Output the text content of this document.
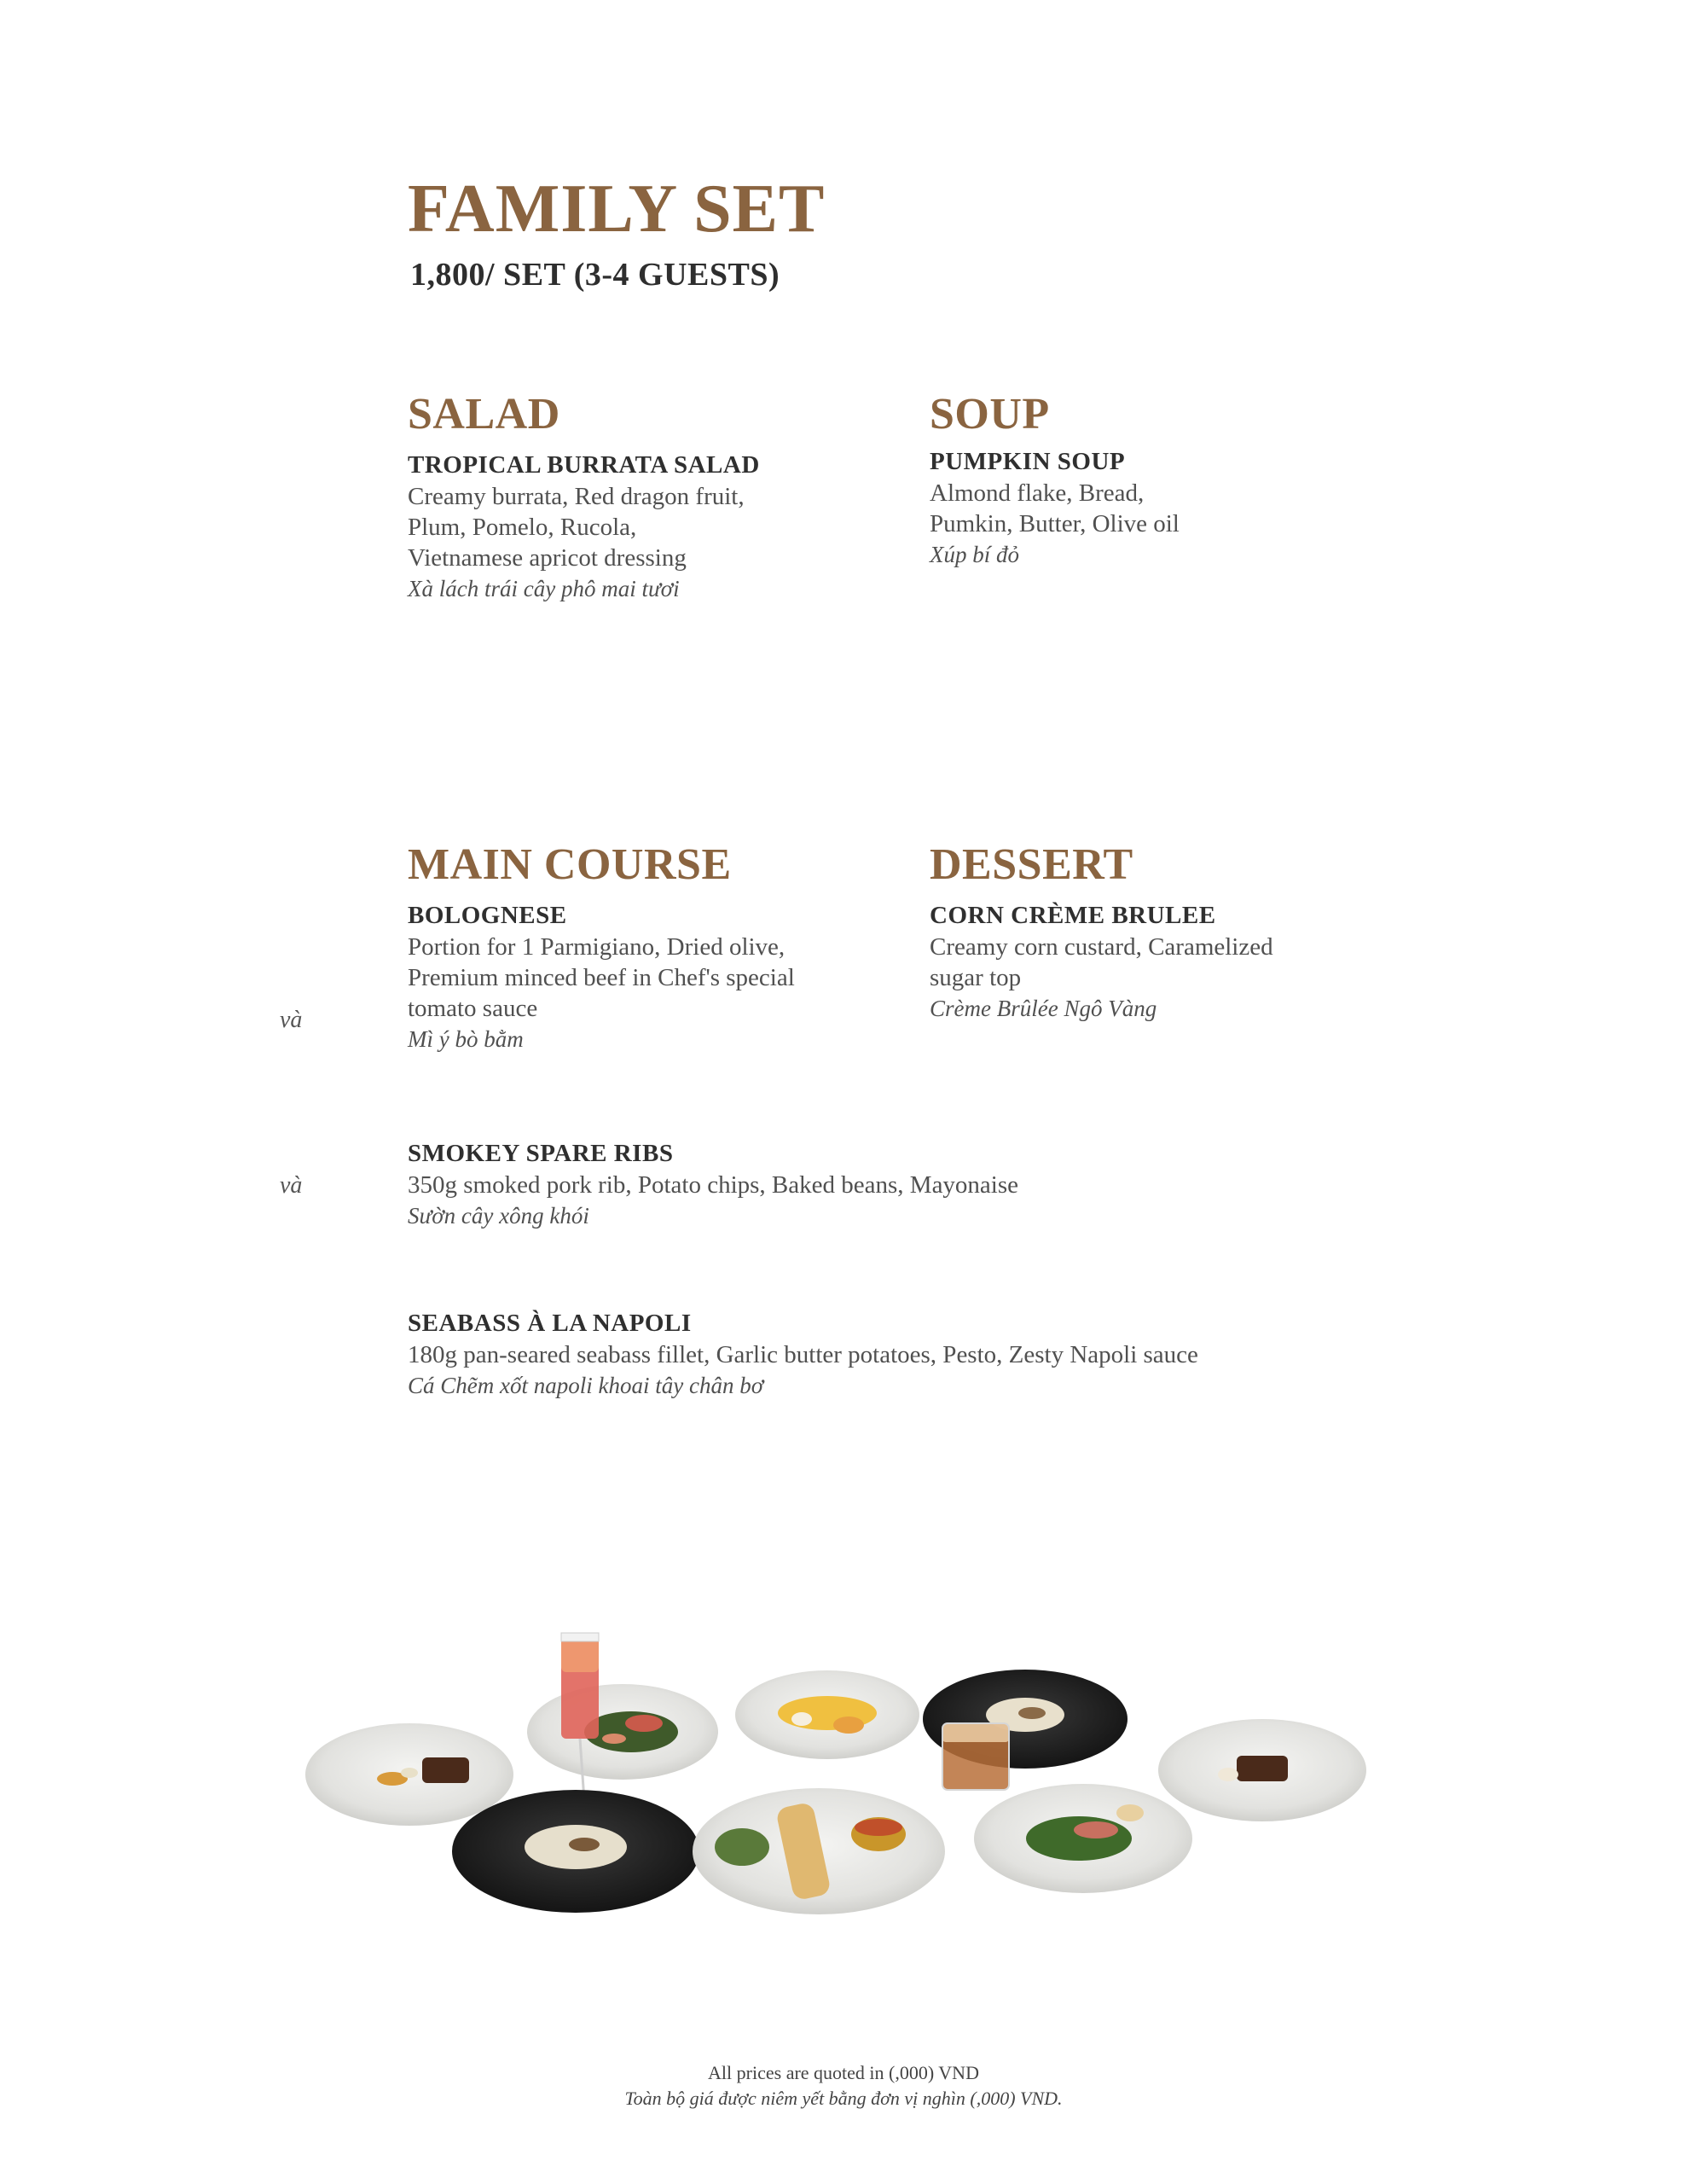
FAMILY SET
1,800/ SET (3-4 GUESTS)
SALAD
TROPICAL BURRATA SALAD
Creamy burrata, Red dragon fruit,
Plum, Pomelo, Rucola,
Vietnamese apricot dressing
Xà lách trái cây phô mai tươi
SOUP
PUMPKIN SOUP
Almond flake, Bread,
Pumkin, Butter, Olive oil
Xúp bí đỏ
MAIN COURSE
BOLOGNESE
Portion for 1 Parmigiano, Dried olive,
Premium minced beef in Chef's special
tomato sauce
Mì ý bò bằm
DESSERT
CORN CRÈME BRULEE
Creamy corn custard, Caramelized
sugar top
Crème Brûlée Ngô Vàng
và
và
SMOKEY SPARE RIBS
350g smoked pork rib, Potato chips, Baked beans, Mayonaise
Sườn cây xông khói
SEABASS À LA NAPOLI
180g pan-seared seabass fillet, Garlic butter potatoes, Pesto, Zesty Napoli sauce
Cá Chẽm xốt napoli khoai tây chân bơ
All prices are quoted in (,000) VND
Toàn bộ giá được niêm yết bằng đơn vị nghìn (,000) VND.
